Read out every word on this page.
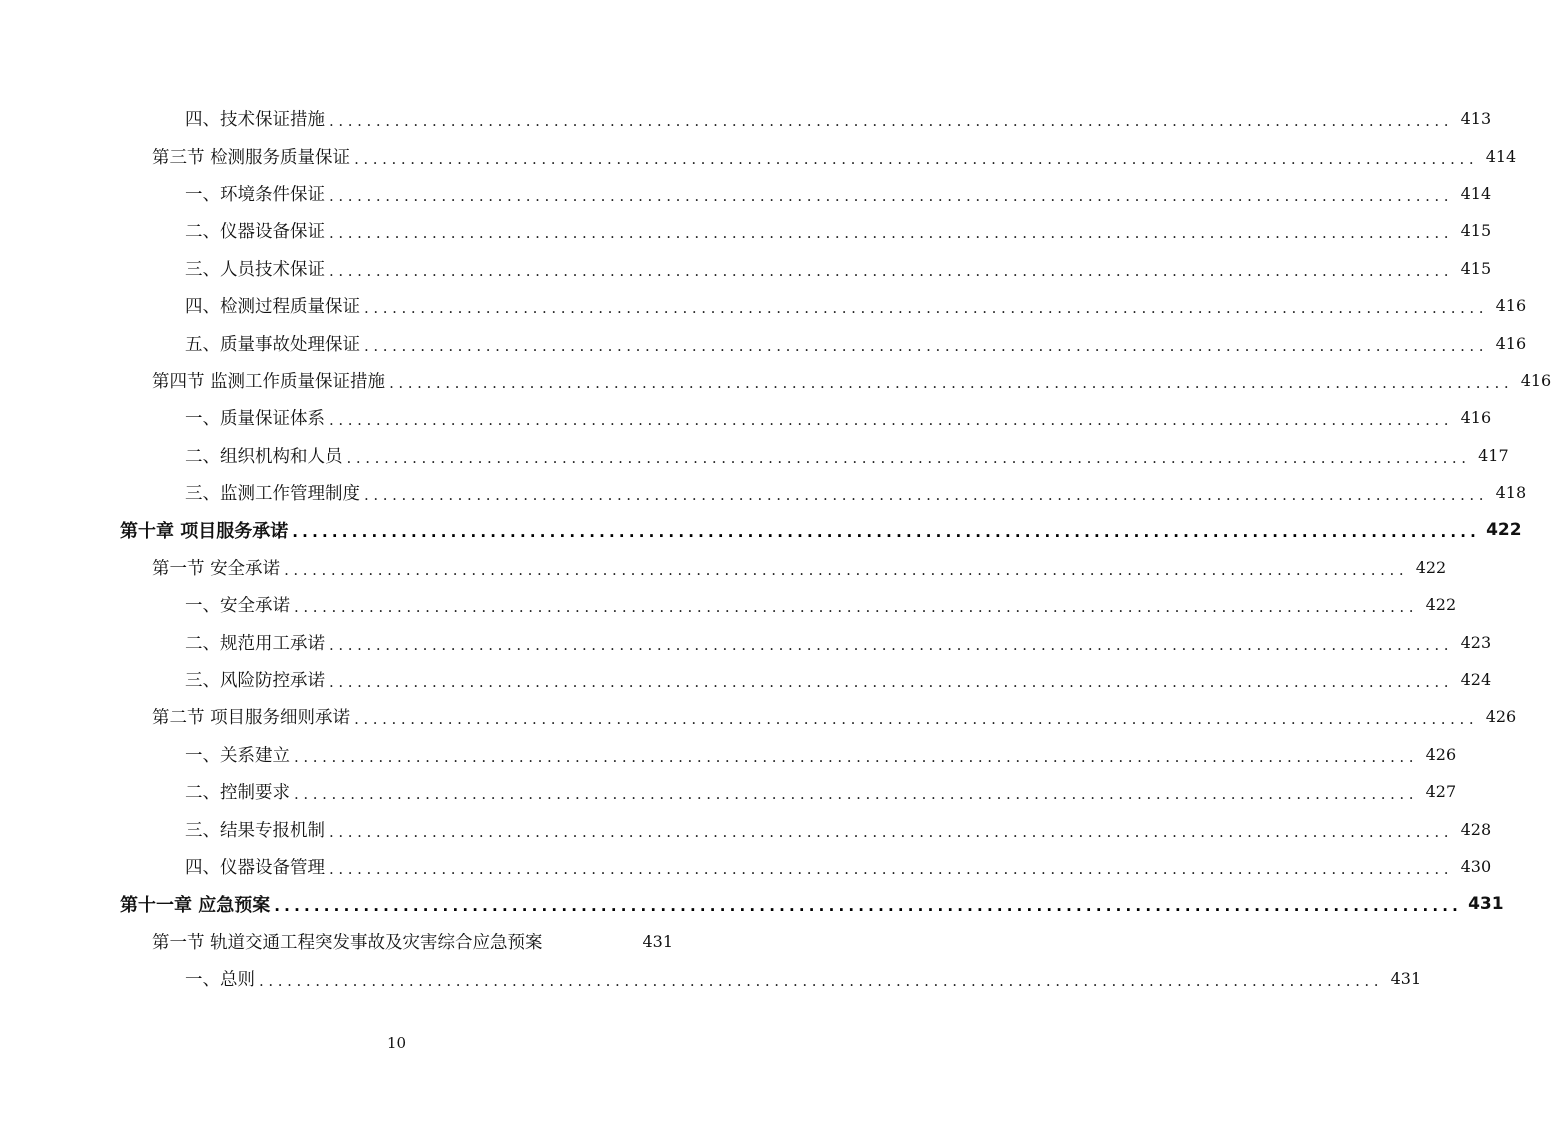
四、技术保证措施 ........................................................................................................................ 413
第三节 检测服务质量保证 ........................................................................................................................ 414
一、环境条件保证 ........................................................................................................................ 414
二、仪器设备保证 ........................................................................................................................ 415
三、人员技术保证 ........................................................................................................................ 415
四、检测过程质量保证 ........................................................................................................................ 416
五、质量事故处理保证 ........................................................................................................................ 416
第四节 监测工作质量保证措施 ........................................................................................................................ 416
一、质量保证体系 ........................................................................................................................ 416
二、组织机构和人员 ........................................................................................................................ 417
三、监测工作管理制度 ........................................................................................................................ 418
第十章 项目服务承诺 ........................................................................................................................ 422
第一节 安全承诺 ........................................................................................................................ 422
一、安全承诺 ........................................................................................................................ 422
二、规范用工承诺 ........................................................................................................................ 423
三、风险防控承诺 ........................................................................................................................ 424
第二节 项目服务细则承诺 ........................................................................................................................ 426
一、关系建立 ........................................................................................................................ 426
二、控制要求 ........................................................................................................................ 427
三、结果专报机制 ........................................................................................................................ 428
四、仪器设备管理 ........................................................................................................................ 430
第十一章 应急预案 ........................................................................................................................ 431
第一节 轨道交通工程突发事故及灾害综合应急预案	431
一、总则 ........................................................................................................................ 431
10
